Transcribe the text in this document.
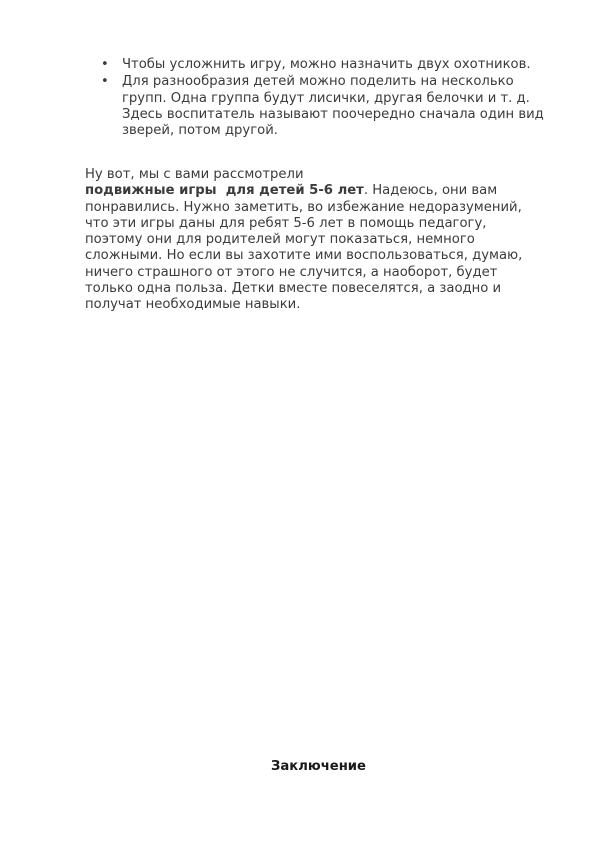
• Чтобы усложнить игру, можно назначить двух охотников.
• Для разнообразия детей можно поделить на несколько групп. Одна группа будут лисички, другая белочки и т. д. Здесь воспитатель называют поочередно сначала один вид зверей, потом другой.

Ну вот, мы с вами рассмотрели подвижные игры  для детей 5-6 лет. Надеюсь, они вам понравились. Нужно заметить, во избежание недоразумений, что эти игры даны для ребят 5-6 лет в помощь педагогу, поэтому они для родителей могут показаться, немного сложными. Но если вы захотите ими воспользоваться, думаю, ничего страшного от этого не случится, а наоборот, будет только одна польза. Детки вместе повеселятся, а заодно и получат необходимые навыки.

Заключение
